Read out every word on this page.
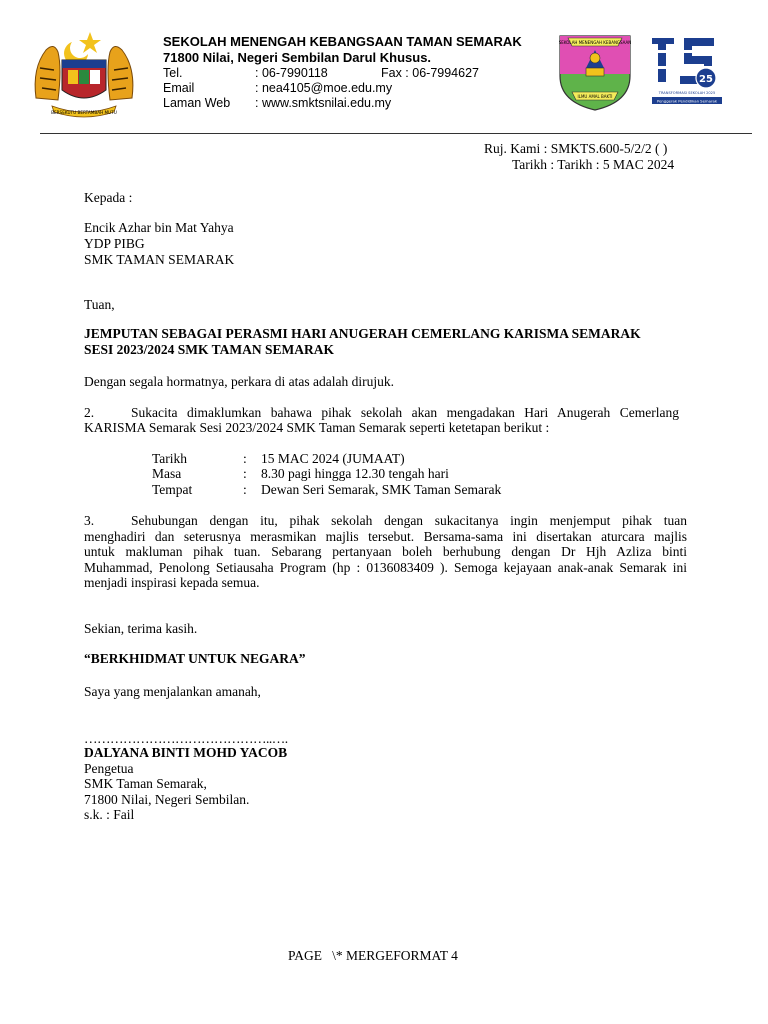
BERSEKUTU BERTAMBAH MUTU
SEKOLAH MENENGAH KEBANGSAAN TAMAN SEMARAK
71800 Nilai, Negeri Sembilan Darul Khusus.
Tel.	: 06-7990118	Fax : 06-7994627
Email	: nea4105@moe.edu.my
Laman Web : www.smktsnilai.edu.my
SEKOLAH MENENGAH KEBANGSAAN
ILMU AMAL BAKTI
25
TRANSFORMASI SEKOLAH 2025
Penggerak Pendidikan Semarak
Ruj. Kami : SMKTS.600-5/2/2 ( )
Tarikh : Tarikh : 5 MAC 2024
Kepada :
Encik Azhar bin Mat Yahya
YDP PIBG
SMK TAMAN SEMARAK
Tuan,
JEMPUTAN SEBAGAI PERASMI HARI ANUGERAH CEMERLANG KARISMA SEMARAK
SESI 2023/2024 SMK TAMAN SEMARAK
Dengan segala hormatnya, perkara di atas adalah dirujuk.
2.	Sukacita dimaklumkan bahawa pihak sekolah akan mengadakan Hari Anugerah Cemerlang
KARISMA Semarak Sesi 2023/2024 SMK Taman Semarak seperti ketetapan berikut :
Tarikh	: 15 MAC 2024 (JUMAAT)
Masa	: 8.30 pagi hingga 12.30 tengah hari
Tempat	: Dewan Seri Semarak, SMK Taman Semarak
3.	Sehubungan dengan itu, pihak sekolah dengan sukacitanya ingin menjemput pihak tuan
menghadiri dan seterusnya merasmikan majlis tersebut. Bersama-sama ini disertakan aturcara majlis
untuk makluman pihak tuan. Sebarang pertanyaan boleh berhubung dengan Dr Hjh Azliza binti
Muhammad, Penolong Setiausaha Program (hp : 0136083409 ). Semoga kejayaan anak-anak Semarak ini
menjadi inspirasi kepada semua.
Sekian, terima kasih.
“BERKHIDMAT UNTUK NEGARA”
Saya yang menjalankan amanah,
……………………………………..….
DALYANA BINTI MOHD YACOB
Pengetua
SMK Taman Semarak,
71800 Nilai, Negeri Sembilan.
s.k. : Fail
PAGE   \* MERGEFORMAT 4
